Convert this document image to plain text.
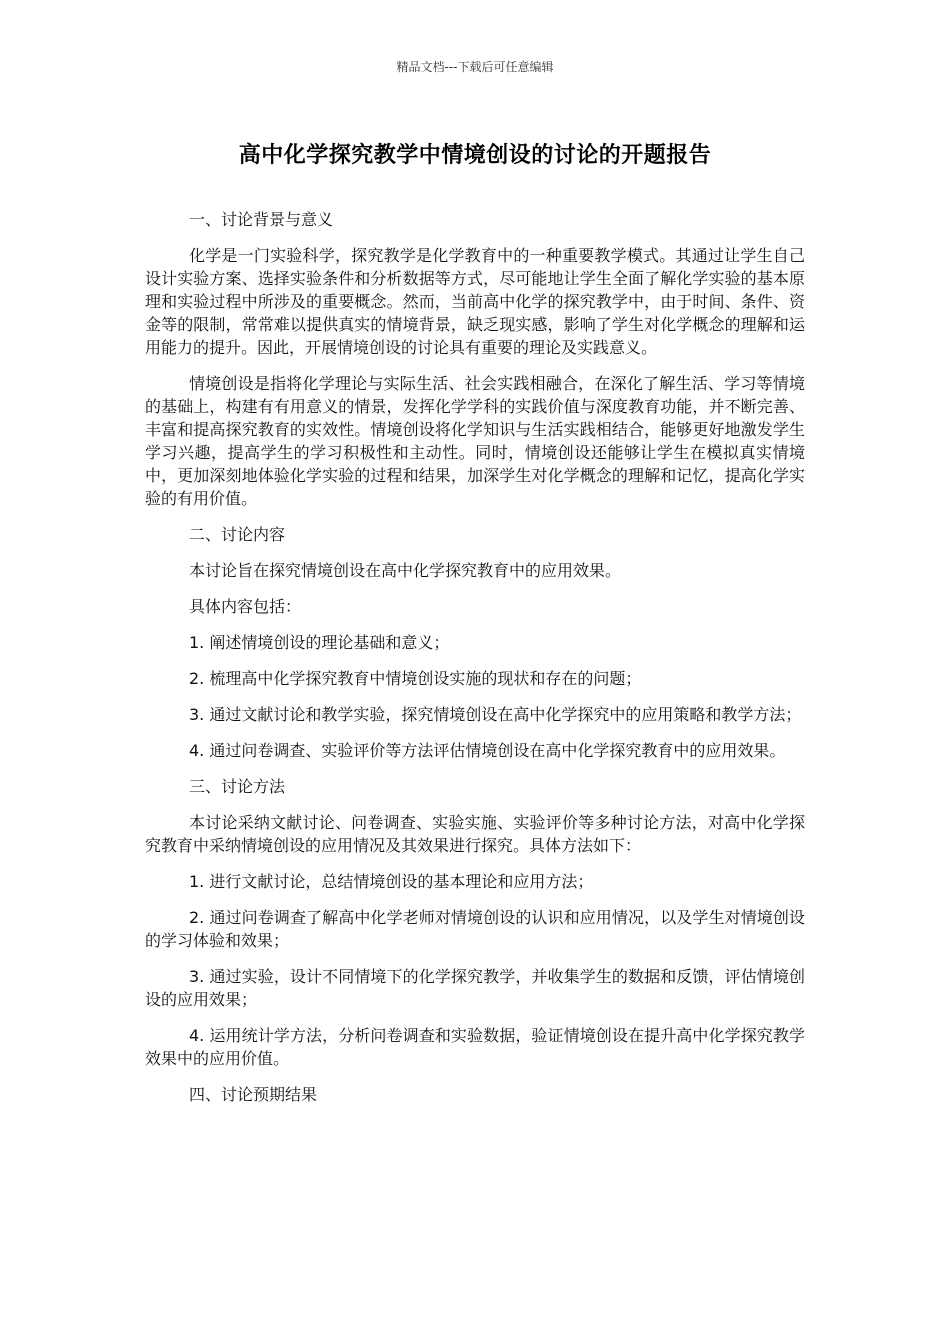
精品文档---下载后可任意编辑
高中化学探究教学中情境创设的讨论的开题报告

一、讨论背景与意义

化学是一门实验科学，探究教学是化学教育中的一种重要教学模式。其通过让学生自己设计实验方案、选择实验条件和分析数据等方式，尽可能地让学生全面了解化学实验的基本原理和实验过程中所涉及的重要概念。然而，当前高中化学的探究教学中，由于时间、条件、资金等的限制，常常难以提供真实的情境背景，缺乏现实感，影响了学生对化学概念的理解和运用能力的提升。因此，开展情境创设的讨论具有重要的理论及实践意义。

情境创设是指将化学理论与实际生活、社会实践相融合，在深化了解生活、学习等情境的基础上，构建有有用意义的情景，发挥化学学科的实践价值与深度教育功能，并不断完善、丰富和提高探究教育的实效性。情境创设将化学知识与生活实践相结合，能够更好地激发学生学习兴趣，提高学生的学习积极性和主动性。同时，情境创设还能够让学生在模拟真实情境中，更加深刻地体验化学实验的过程和结果，加深学生对化学概念的理解和记忆，提高化学实验的有用价值。

二、讨论内容

本讨论旨在探究情境创设在高中化学探究教育中的应用效果。

具体内容包括：

1. 阐述情境创设的理论基础和意义；

2. 梳理高中化学探究教育中情境创设实施的现状和存在的问题；

3. 通过文献讨论和教学实验，探究情境创设在高中化学探究中的应用策略和教学方法；

4. 通过问卷调查、实验评价等方法评估情境创设在高中化学探究教育中的应用效果。

三、讨论方法

本讨论采纳文献讨论、问卷调查、实验实施、实验评价等多种讨论方法，对高中化学探究教育中采纳情境创设的应用情况及其效果进行探究。具体方法如下：

1. 进行文献讨论，总结情境创设的基本理论和应用方法；

2. 通过问卷调查了解高中化学老师对情境创设的认识和应用情况，以及学生对情境创设的学习体验和效果；

3. 通过实验，设计不同情境下的化学探究教学，并收集学生的数据和反馈，评估情境创设的应用效果；

4. 运用统计学方法，分析问卷调查和实验数据，验证情境创设在提升高中化学探究教学效果中的应用价值。

四、讨论预期结果
